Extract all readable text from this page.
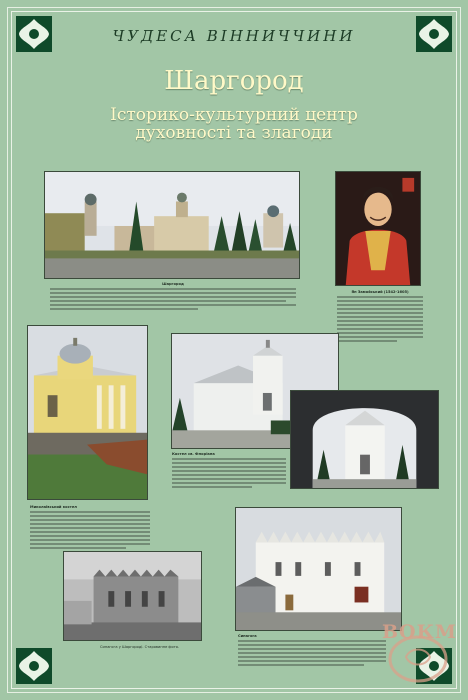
ЧУДЕСА ВІННИЧЧИНИ
Шаргород
Історико-культурний центр
духовності та злагоди
Шаргород
Ян Замойський (1542-1605)
Миколаївський костел
Костел св. Флоріана
Синагога у Шаргороді. Старовинне фото.
Синагога	ВОКМ
